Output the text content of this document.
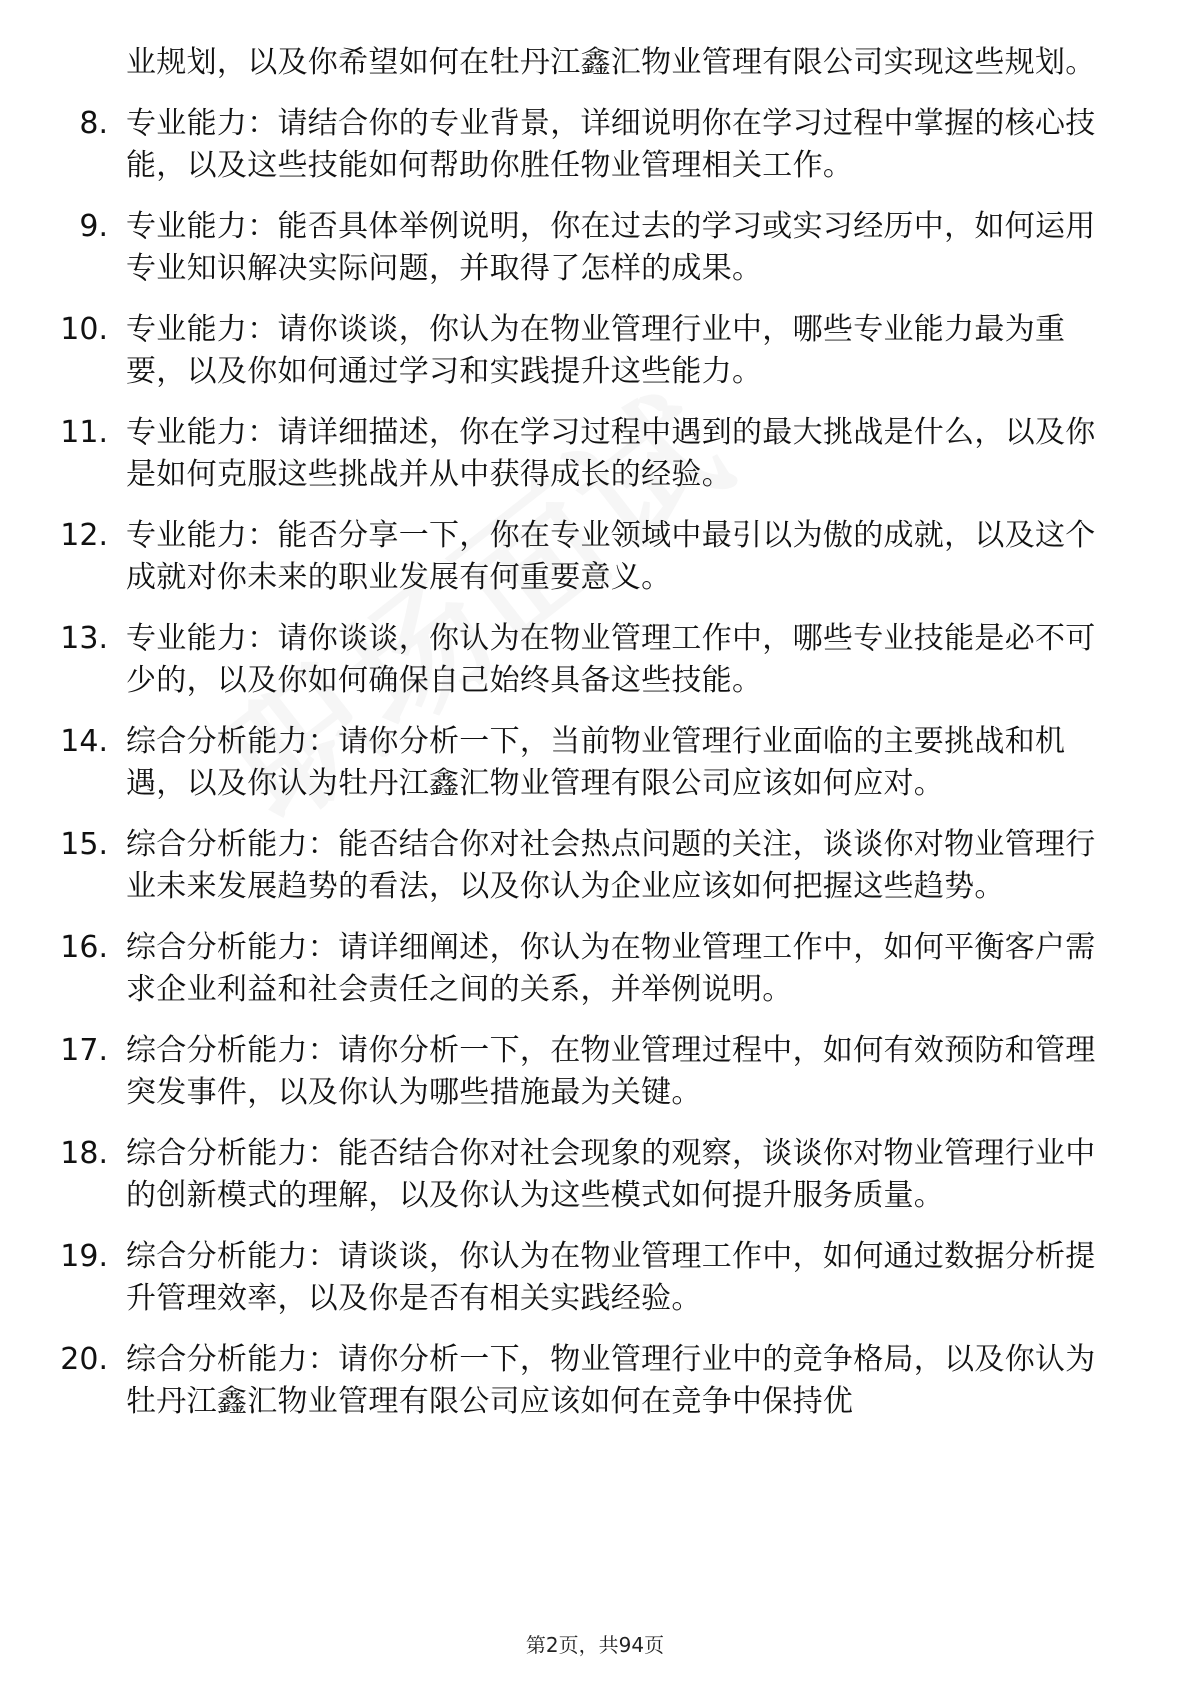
业规划，以及你希望如何在牡丹江鑫汇物业管理有限公司实现这些规划。
8. 专业能力：请结合你的专业背景，详细说明你在学习过程中掌握的核心技能，以及这些技能如何帮助你胜任物业管理相关工作。
9. 专业能力：能否具体举例说明，你在过去的学习或实习经历中，如何运用专业知识解决实际问题，并取得了怎样的成果。
10. 专业能力：请你谈谈，你认为在物业管理行业中，哪些专业能力最为重要，以及你如何通过学习和实践提升这些能力。
11. 专业能力：请详细描述，你在学习过程中遇到的最大挑战是什么，以及你是如何克服这些挑战并从中获得成长的经验。
12. 专业能力：能否分享一下，你在专业领域中最引以为傲的成就，以及这个成就对你未来的职业发展有何重要意义。
13. 专业能力：请你谈谈，你认为在物业管理工作中，哪些专业技能是必不可少的，以及你如何确保自己始终具备这些技能。
14. 综合分析能力：请你分析一下，当前物业管理行业面临的主要挑战和机遇，以及你认为牡丹江鑫汇物业管理有限公司应该如何应对。
15. 综合分析能力：能否结合你对社会热点问题的关注，谈谈你对物业管理行业未来发展趋势的看法，以及你认为企业应该如何把握这些趋势。
16. 综合分析能力：请详细阐述，你认为在物业管理工作中，如何平衡客户需求企业利益和社会责任之间的关系，并举例说明。
17. 综合分析能力：请你分析一下，在物业管理过程中，如何有效预防和管理突发事件，以及你认为哪些措施最为关键。
18. 综合分析能力：能否结合你对社会现象的观察，谈谈你对物业管理行业中的创新模式的理解，以及你认为这些模式如何提升服务质量。
19. 综合分析能力：请谈谈，你认为在物业管理工作中，如何通过数据分析提升管理效率，以及你是否有相关实践经验。
20. 综合分析能力：请你分析一下，物业管理行业中的竞争格局，以及你认为牡丹江鑫汇物业管理有限公司应该如何在竞争中保持优
第2页，共94页
